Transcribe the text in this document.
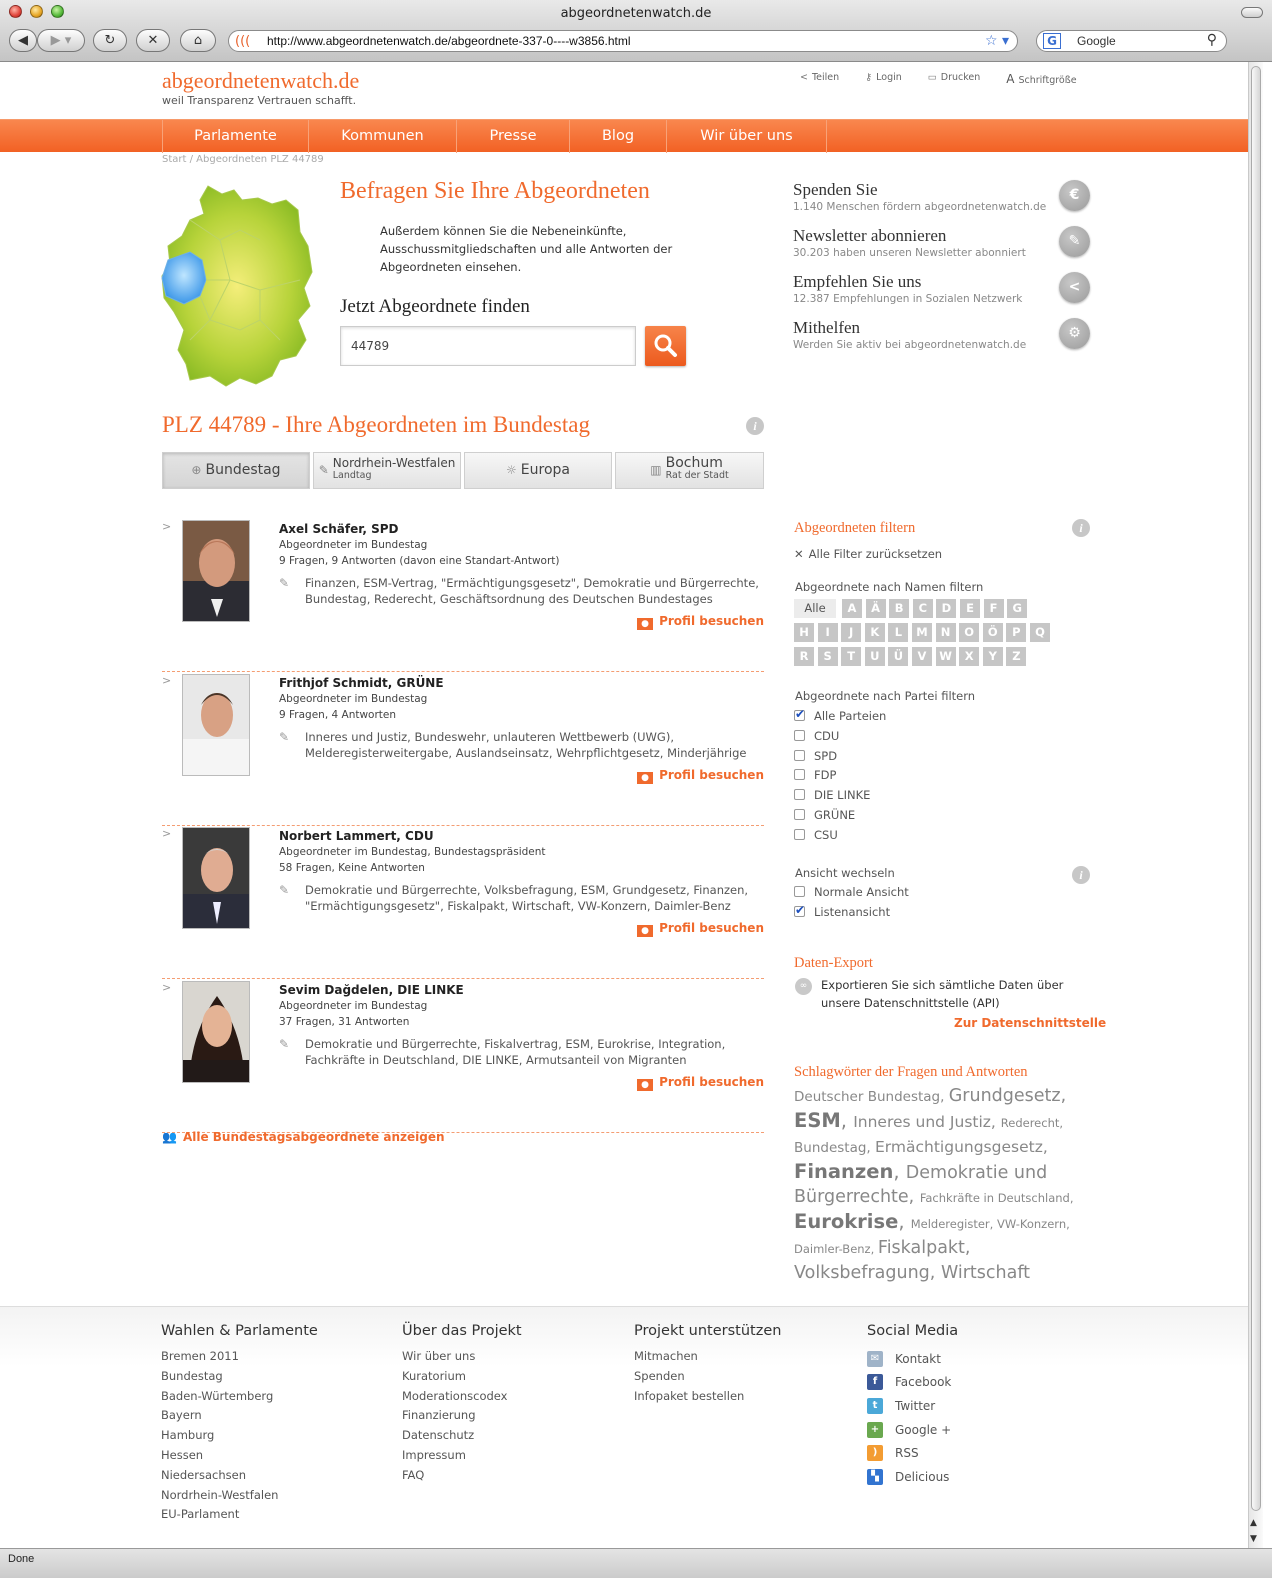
abgeordnetenwatch.de
◀	▶ ▾	↻	✕	⌂	(((	http://www.abgeordnetenwatch.de/abgeordnete-337-0----w3856.html	☆ ▾	G	Google	⚲
abgeordnetenwatch.de
weil Transparenz Vertrauen schafft.
< Teilen	⚷ Login	▭ Drucken A Schriftgröße
Parlamente	Kommunen	Presse	Blog	Wir über uns
Start / Abgeordneten PLZ 44789
Befragen Sie Ihre Abgeordneten

Außerdem können Sie die Nebeneinkünfte, Ausschussmitgliedschaften und alle Antworten der Abgeordneten einsehen.

Jetzt Abgeordnete finden
44789
Spenden Sie
1.140 Menschen fördern abgeordnetenwatch.de
€
Newsletter abonnieren
30.203 haben unseren Newsletter abonniert
✎
Empfehlen Sie uns
12.387 Empfehlungen in Sozialen Netzwerk
<
Mithelfen
Werden Sie aktiv bei abgeordnetenwatch.de
⚙
PLZ 44789 - Ihre Abgeordneten im Bundestag	i
⊕ Bundestag	✎ Nordrhein-Westfalen
Landtag	☼ Europa	▥ Bochum
Rat der Stadt
>	Axel Schäfer, SPD
Abgeordneter im Bundestag
9 Fragen, 9 Antworten (davon eine Standart-Antwort)
✎ Finanzen, ESM-Vertrag, "Ermächtigungsgesetz", Demokratie und Bürgerrechte, Bundestag, Rederecht, Geschäftsordnung des Deutschen Bundestages
● Profil besuchen
>	Frithjof Schmidt, GRÜNE
Abgeordneter im Bundestag
9 Fragen, 4 Antworten
✎ Inneres und Justiz, Bundeswehr, unlauteren Wettbewerb (UWG), Melderegisterweitergabe, Auslandseinsatz, Wehrpflichtgesetz, Minderjährige
● Profil besuchen
>	Norbert Lammert, CDU
Abgeordneter im Bundestag, Bundestagspräsident
58 Fragen, Keine Antworten
✎ Demokratie und Bürgerrechte, Volksbefragung, ESM, Grundgesetz, Finanzen, "Ermächtigungsgesetz", Fiskalpakt, Wirtschaft, VW-Konzern, Daimler-Benz
● Profil besuchen
>	Sevim Dağdelen, DIE LINKE
Abgeordneter im Bundestag
37 Fragen, 31 Antworten
✎ Demokratie und Bürgerrechte, Fiskalvertrag, ESM, Eurokrise, Integration, Fachkräfte in Deutschland, DIE LINKE, Armutsanteil von Migranten
● Profil besuchen
👥 Alle Bundestagsabgeordnete anzeigen
Abgeordneten filtern	i
✕ Alle Filter zurücksetzen
Abgeordnete nach Namen filtern
Alle	A	Ä	B	C	D	E	F	G
H	I	J	K	L	M	N	O	Ö	P	Q
R	S	T	U	Ü	V	W	X	Y	Z
Abgeordnete nach Partei filtern
✔Alle Parteien
CDU
SPD
FDP
DIE LINKE
GRÜNE
CSU
Ansicht wechseln	i
Normale Ansicht
✔Listenansicht
Daten-Export
∞	Exportieren Sie sich sämtliche Daten über unsere Datenschnittstelle (API)
Zur Datenschnittstelle
Schlagwörter der Fragen und Antworten
Deutscher Bundestag, Grundgesetz, ESM, Inneres und Justiz, Rederecht, Bundestag, Ermächtigungsgesetz, Finanzen, Demokratie und Bürgerrechte, Fachkräfte in Deutschland, Eurokrise, Melderegister, VW-Konzern, Daimler-Benz, Fiskalpakt, Volksbefragung, Wirtschaft
Wahlen & Parlamente
Bremen 2011
Bundestag
Baden-Würtemberg
Bayern
Hamburg
Hessen
Niedersachsen
Nordrhein-Westfalen
EU-Parlament
Über das Projekt
Wir über uns
Kuratorium
Moderationscodex
Finanzierung
Datenschutz
Impressum
FAQ
Projekt unterstützen
Mitmachen
Spenden
Infopaket bestellen
Social Media
✉	Kontakt
f	Facebook
t	Twitter
+	Google +
)	RSS
▚	Delicious
▲
▼
Done
